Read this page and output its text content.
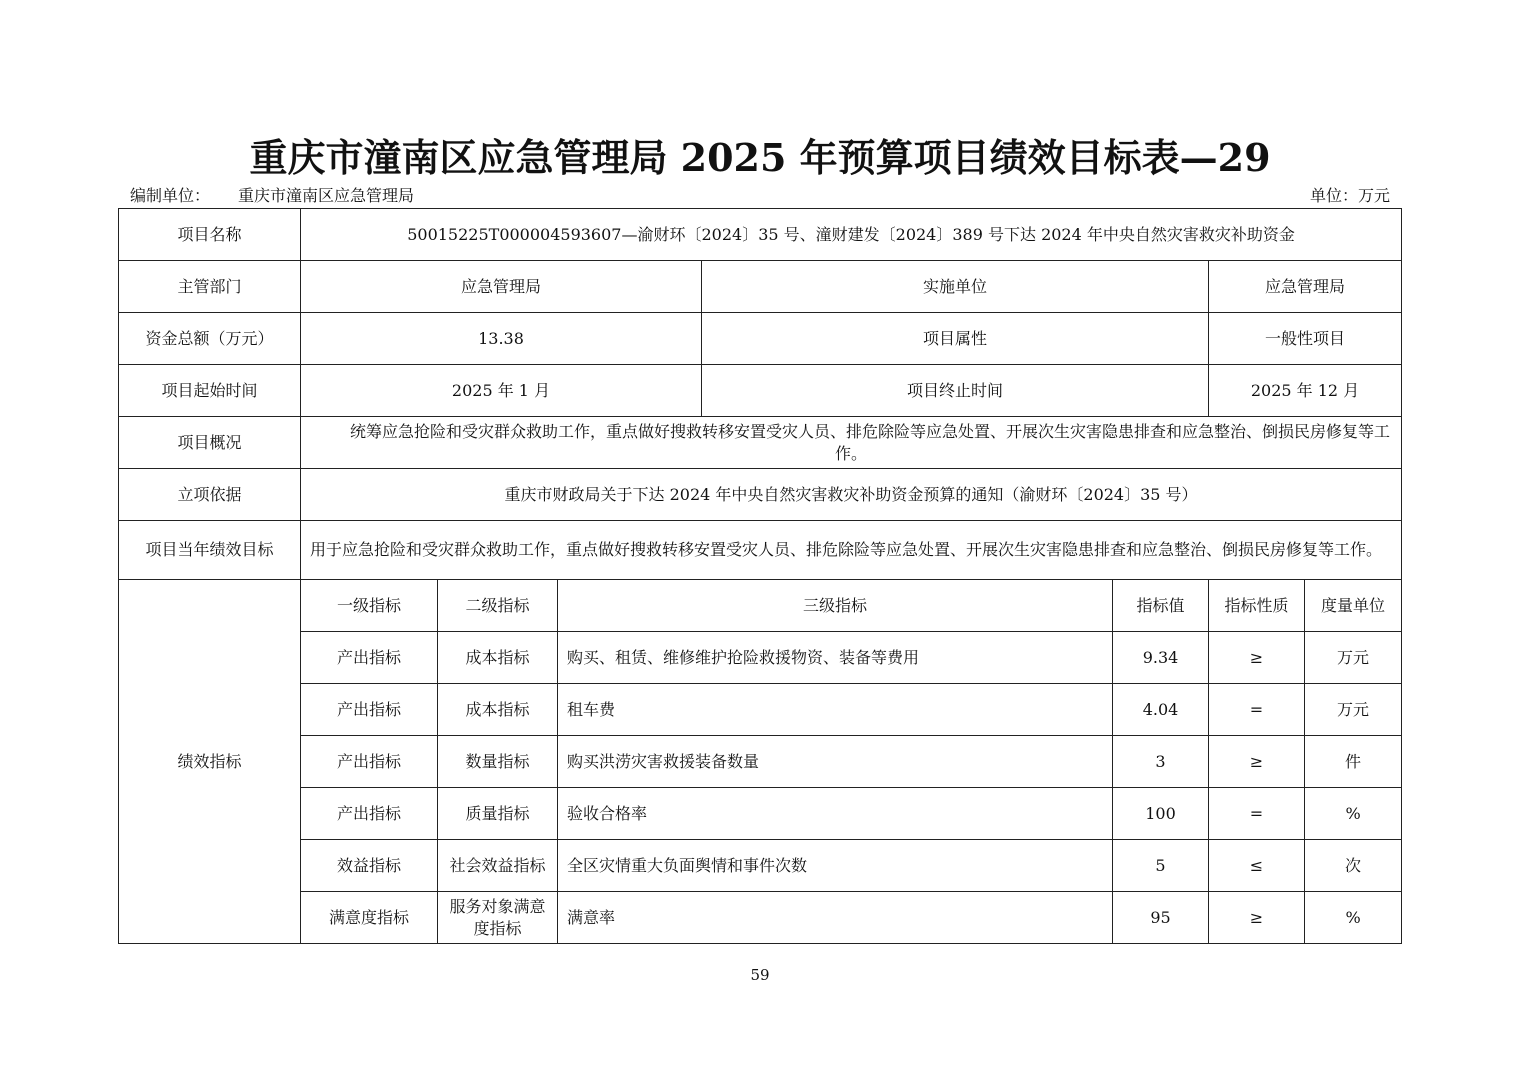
重庆市潼南区应急管理局 2025 年预算项目绩效目标表—29
编制单位： 重庆市潼南区应急管理局	单位：万元
项目名称	50015225T000004593607—渝财环〔2024〕35 号、潼财建发〔2024〕389 号下达 2024 年中央自然灾害救灾补助资金						
主管部门	应急管理局			实施单位		应急管理局	
资金总额（万元）	13.38			项目属性		一般性项目	
项目起始时间	2025 年 1 月			项目终止时间		2025 年 12 月	
项目概况	统筹应急抢险和受灾群众救助工作，重点做好搜救转移安置受灾人员、排危除险等应急处置、开展次生灾害隐患排查和应急整治、倒损民房修复等工作。						
立项依据	重庆市财政局关于下达 2024 年中央自然灾害救灾补助资金预算的通知（渝财环〔2024〕35 号）						
项目当年绩效目标	用于应急抢险和受灾群众救助工作，重点做好搜救转移安置受灾人员、排危除险等应急处置、开展次生灾害隐患排查和应急整治、倒损民房修复等工作。						
绩效指标	一级指标	二级指标	三级指标		指标值	指标性质	度量单位
	产出指标	成本指标	购买、租赁、维修维护抢险救援物资、装备等费用		9.34	≥	万元
	产出指标	成本指标	租车费		4.04	=	万元
	产出指标	数量指标	购买洪涝灾害救援装备数量		3	≥	件
	产出指标	质量指标	验收合格率		100	=	%
	效益指标	社会效益指标	全区灾情重大负面舆情和事件次数		5	≤	次
	满意度指标	服务对象满意度指标	满意率		95	≥	%
59
